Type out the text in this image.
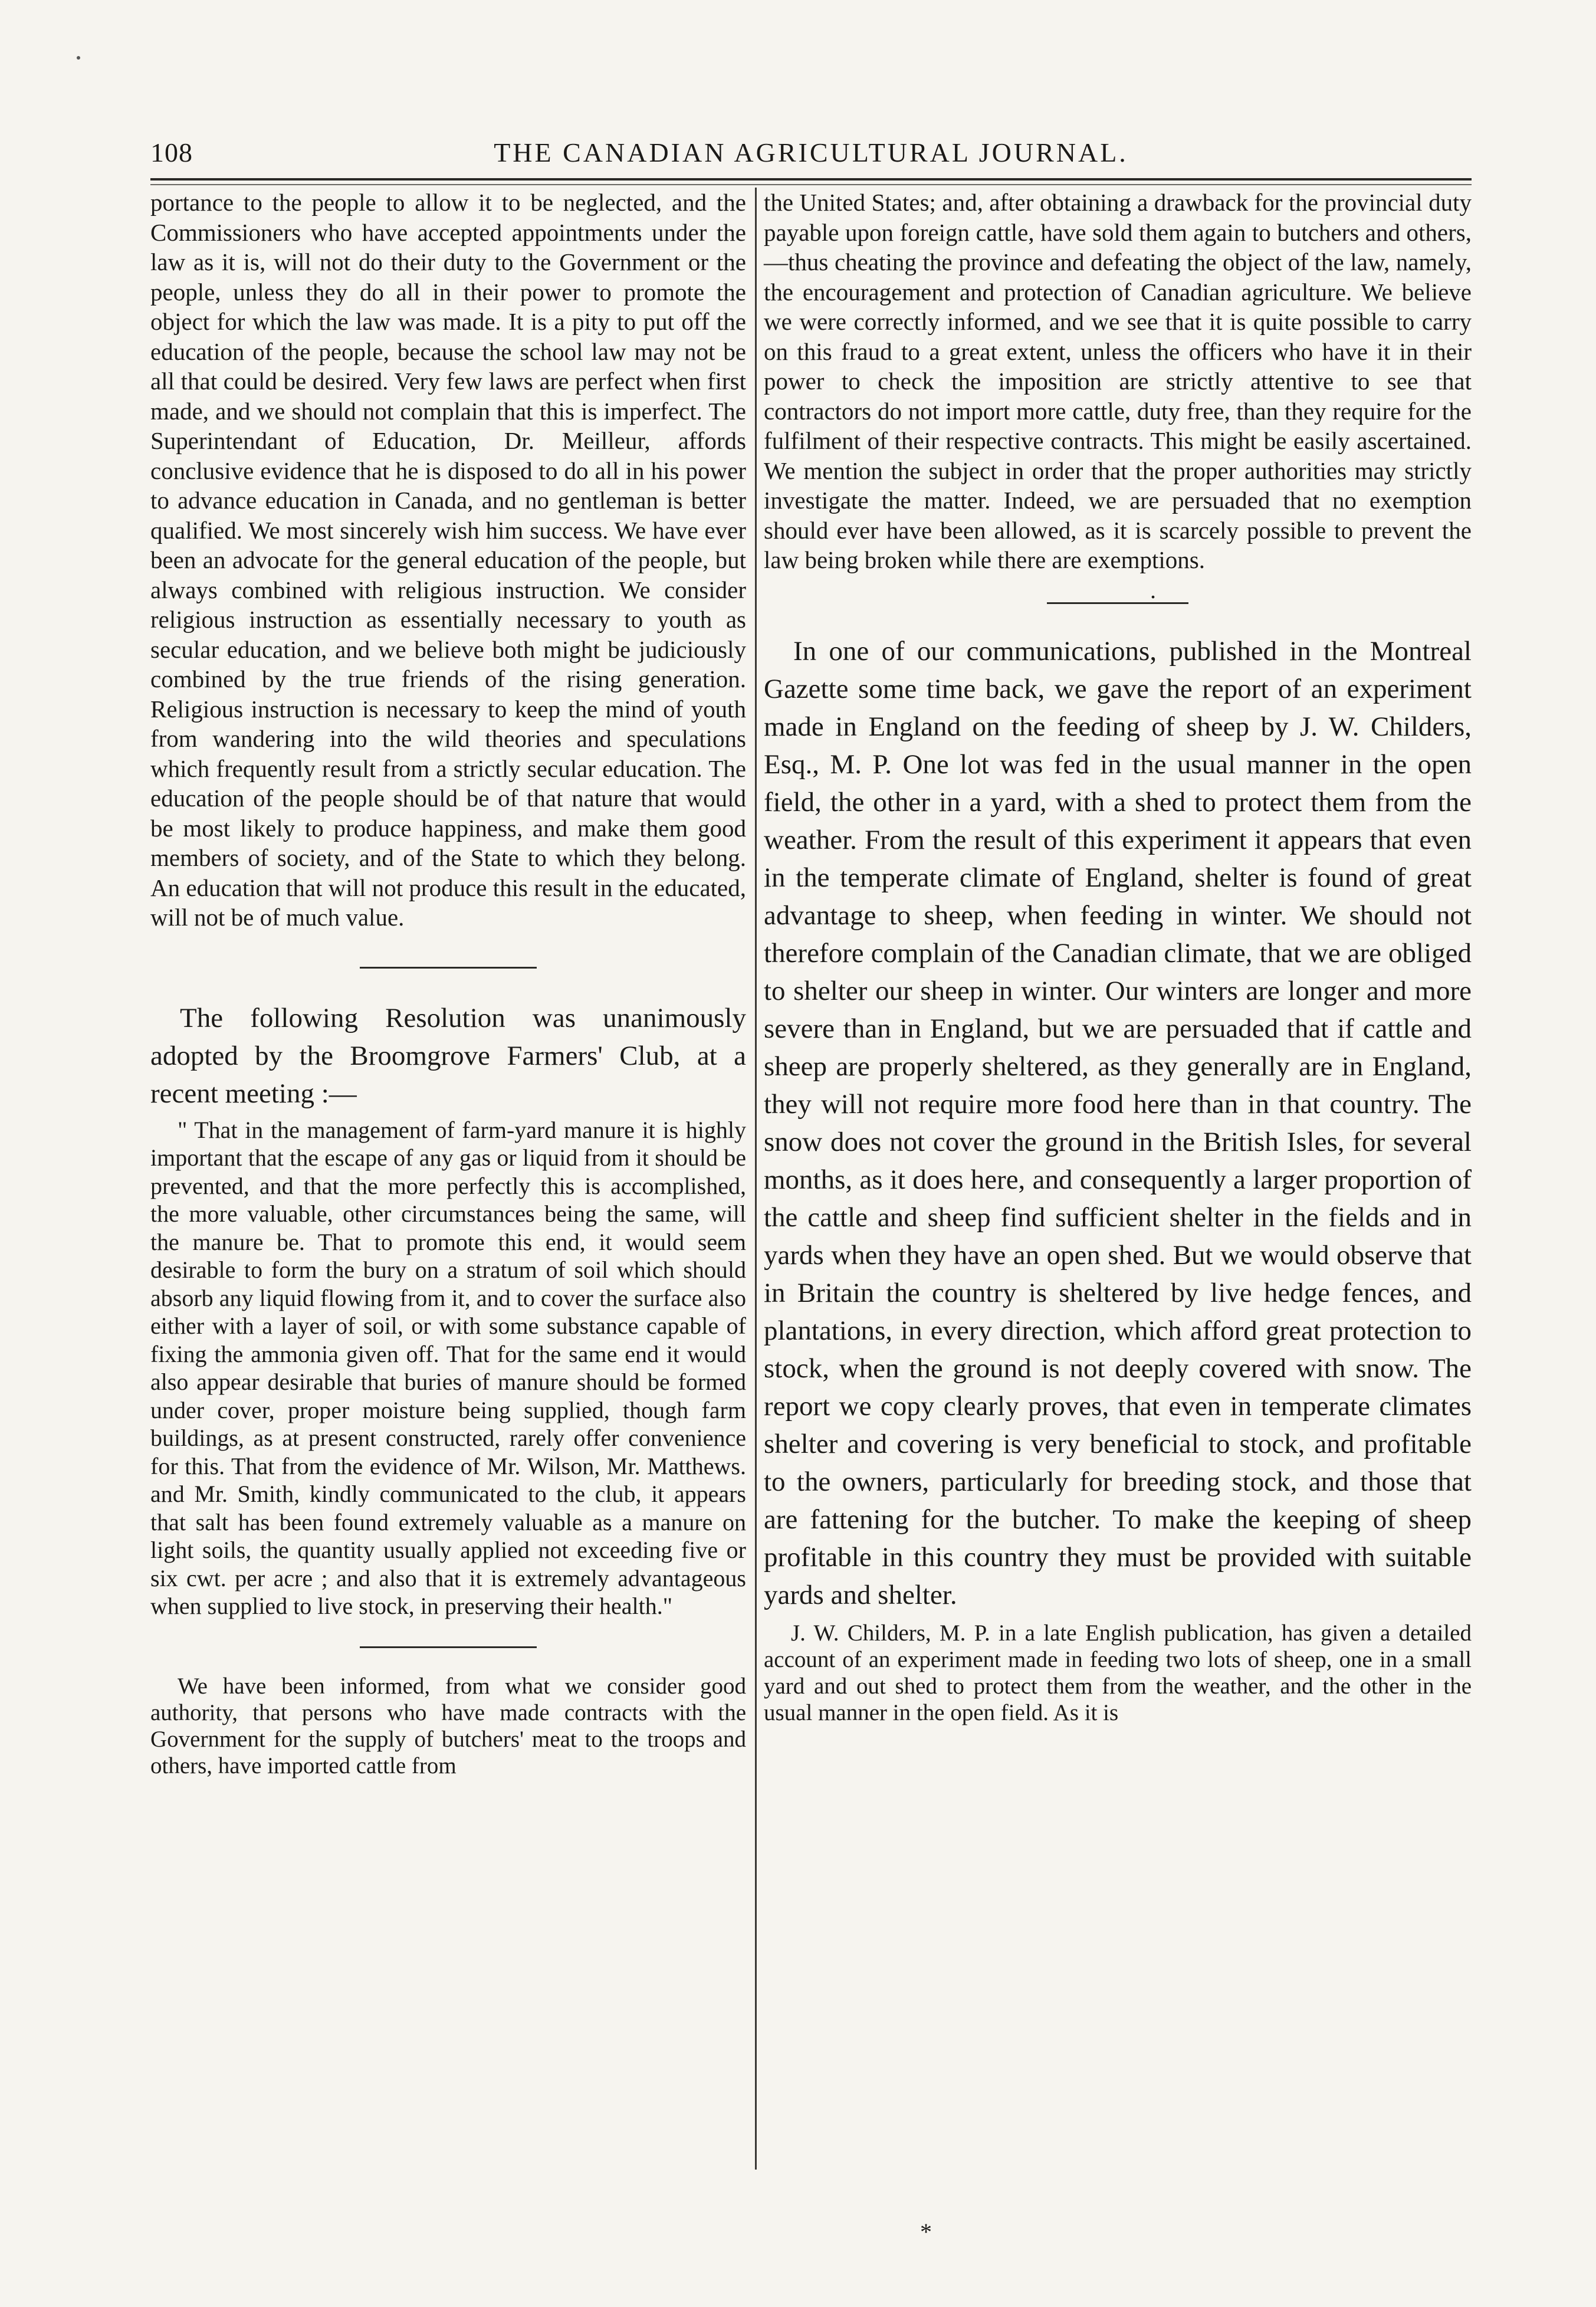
108	THE CANADIAN AGRICULTURAL JOURNAL.

portance to the people to allow it to be neglected, and the Commissioners who have accepted appointments under the law as it is, will not do their duty to the Government or the people, unless they do all in their power to promote the object for which the law was made. It is a pity to put off the education of the people, because the school law may not be all that could be desired. Very few laws are perfect when first made, and we should not complain that this is imperfect. The Superintendant of Education, Dr. Meilleur, affords conclusive evidence that he is disposed to do all in his power to advance education in Canada, and no gentleman is better qualified. We most sincerely wish him success. We have ever been an advocate for the general education of the people, but always combined with religious instruction. We consider religious instruction as essentially necessary to youth as secular education, and we believe both might be judiciously combined by the true friends of the rising generation. Religious instruction is necessary to keep the mind of youth from wandering into the wild theories and speculations which frequently result from a strictly secular education. The education of the people should be of that nature that would be most likely to produce happiness, and make them good members of society, and of the State to which they belong. An education that will not produce this result in the educated, will not be of much value.

The following Resolution was unanimously adopted by the Broomgrove Farmers' Club, at a recent meeting :—

" That in the management of farm-yard manure it is highly important that the escape of any gas or liquid from it should be prevented, and that the more perfectly this is accomplished, the more valuable, other circumstances being the same, will the manure be. That to promote this end, it would seem desirable to form the bury on a stratum of soil which should absorb any liquid flowing from it, and to cover the surface also either with a layer of soil, or with some substance capable of fixing the ammonia given off. That for the same end it would also appear desirable that buries of manure should be formed under cover, proper moisture being supplied, though farm buildings, as at present constructed, rarely offer convenience for this. That from the evidence of Mr. Wilson, Mr. Matthews. and Mr. Smith, kindly communicated to the club, it appears that salt has been found extremely valuable as a manure on light soils, the quantity usually applied not exceeding five or six cwt. per acre ; and also that it is extremely advantageous when supplied to live stock, in preserving their health."

We have been informed, from what we consider good authority, that persons who have made contracts with the Government for the supply of butchers' meat to the troops and others, have imported cattle from

the United States; and, after obtaining a drawback for the provincial duty payable upon foreign cattle, have sold them again to butchers and others,—thus cheating the province and defeating the object of the law, namely, the encouragement and protection of Canadian agriculture. We believe we were correctly informed, and we see that it is quite possible to carry on this fraud to a great extent, unless the officers who have it in their power to check the imposition are strictly attentive to see that contractors do not import more cattle, duty free, than they require for the fulfilment of their respective contracts. This might be easily ascertained. We mention the subject in order that the proper authorities may strictly investigate the matter. Indeed, we are persuaded that no exemption should ever have been allowed, as it is scarcely possible to prevent the law being broken while there are exemptions.

.

In one of our communications, published in the Montreal Gazette some time back, we gave the report of an experiment made in England on the feeding of sheep by J. W. Childers, Esq., M. P. One lot was fed in the usual manner in the open field, the other in a yard, with a shed to protect them from the weather. From the result of this experiment it appears that even in the temperate climate of England, shelter is found of great advantage to sheep, when feeding in winter. We should not therefore complain of the Canadian climate, that we are obliged to shelter our sheep in winter. Our winters are longer and more severe than in England, but we are persuaded that if cattle and sheep are properly sheltered, as they generally are in England, they will not require more food here than in that country. The snow does not cover the ground in the British Isles, for several months, as it does here, and consequently a larger proportion of the cattle and sheep find sufficient shelter in the fields and in yards when they have an open shed. But we would observe that in Britain the country is sheltered by live hedge fences, and plantations, in every direction, which afford great protection to stock, when the ground is not deeply covered with snow. The report we copy clearly proves, that even in temperate climates shelter and covering is very beneficial to stock, and profitable to the owners, particularly for breeding stock, and those that are fattening for the butcher. To make the keeping of sheep profitable in this country they must be provided with suitable yards and shelter.

J. W. Childers, M. P. in a late English publication, has given a detailed account of an experiment made in feeding two lots of sheep, one in a small yard and out shed to protect them from the weather, and the other in the usual manner in the open field. As it is

*
